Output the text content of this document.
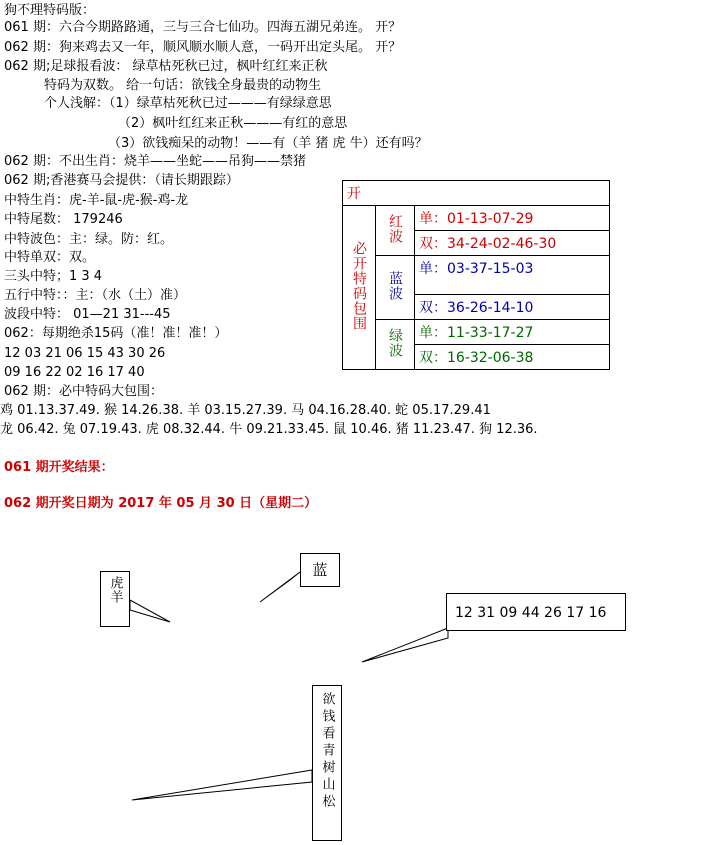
狗不理特码版：
061 期：六合今期路路通，三与三合七仙功。四海五湖兄弟连。 开？
062 期：狗来鸡去又一年，顺风顺水顺人意，一码开出定头尾。 开？
062 期;足球报看波： 绿草枯死秋已过，枫叶红红来正秋
特码为双数。 给一句话：欲钱全身最贵的动物生
个人浅解：（1）绿草枯死秋已过———有绿绿意思
（2）枫叶红红来正秋———有红的意思
（3）欲钱痴呆的动物！——有（羊 猪 虎 牛）还有吗？
062 期：不出生肖：烧羊——坐蛇——吊狗——禁猪
062 期;香港赛马会提供：（请长期跟踪）
中特生肖：虎-羊-鼠-虎-猴-鸡-龙
中特尾数： 179246
中特波色：主：绿。防：红。
中特单双：双。
三头中特；1 3 4
五行中特：：主：（水（土）准）
波段中特： 01—21 31---45
062：每期绝杀15码（准！准！准！）
12 03 21 06 15 43 30 26
09 16 22 02 16 17 40
062 期：必中特码大包围：
鸡 01.13.37.49. 猴 14.26.38. 羊 03.15.27.39. 马 04.16.28.40. 蛇 05.17.29.41
龙 06.42. 兔 07.19.43. 虎 08.32.44. 牛 09.21.33.45. 鼠 10.46. 猪 11.23.47. 狗 12.36.
061 期开奖结果：
062 期开奖日期为 2017 年 05 月 30 日（星期二）
开		
必开特码包围	红波	单：01-13-07-29
		双：34-24-02-46-30
	蓝波	单：03-37-15-03
		双：36-26-14-10
	绿波	单：11-33-17-27
		双：16-32-06-38
虎羊
蓝
12 31 09 44 26 17 16
欲钱看青树山松
